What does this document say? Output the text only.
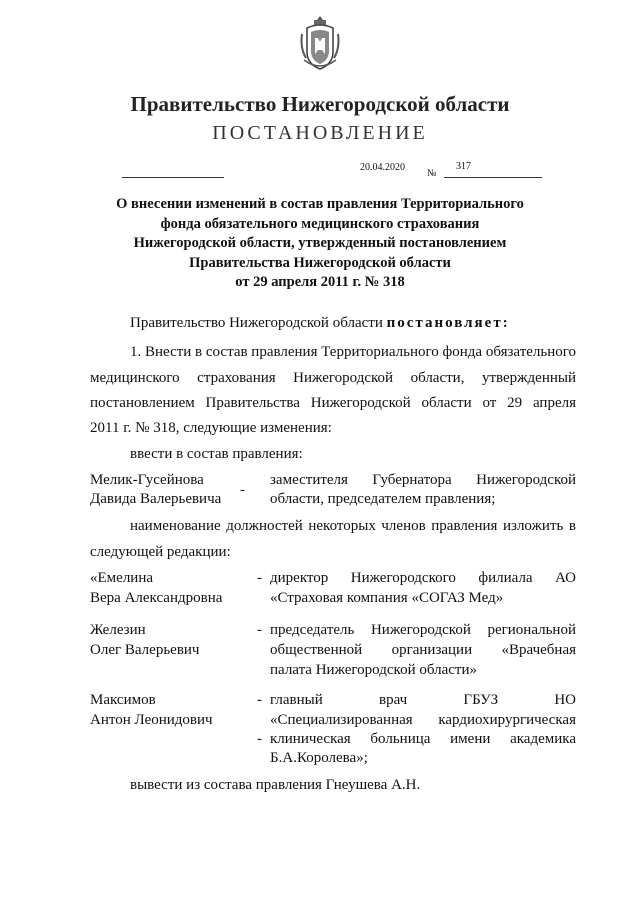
Правительство Нижегородской области
ПОСТАНОВЛЕНИЕ
20.04.2020
№
317
О внесении изменений в состав правления Территориального
фонда обязательного медицинского страхования
Нижегородской области, утвержденный постановлением
Правительства Нижегородской области
от 29 апреля 2011 г. № 318
Правительство Нижегородской области постановляет:
1. Внести в состав правления Территориального фонда обязательного
медицинского страхования Нижегородской области, утвержденный
постановлением Правительства Нижегородской области от 29 апреля
2011 г. № 318, следующие изменения:
ввести в состав правления:
Мелик-Гусейнова
Давида Валерьевича
-
заместителя Губернатора Нижегородской
области, председателем правления;
наименование должностей некоторых членов правления изложить в
следующей редакции:
«Емелина
Вера Александровна
- директор Нижегородского филиала АО
«Страховая компания «СОГАЗ Мед»
Железин
Олег Валерьевич
- председатель Нижегородской региональной
общественной организации «Врачебная
палата Нижегородской области»
Максимов
Антон Леонидович
-
-
главный врач ГБУЗ НО
«Специализированная кардиохирургическая
клиническая больница имени академика
Б.А.Королева»;
вывести из состава правления Гнеушева А.Н.
